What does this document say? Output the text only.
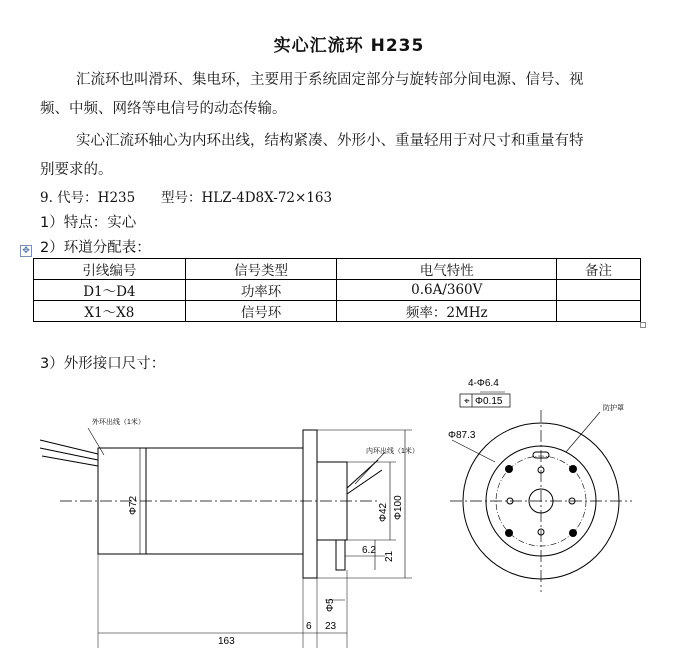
实心汇流环 H235
汇流环也叫滑环、集电环，主要用于系统固定部分与旋转部分间电源、信号、视

频、中频、网络等电信号的动态传输。
实心汇流环轴心为内环出线，结构紧凑、外形小、重量轻用于对尺寸和重量有特
别要求的。
9. 代号：H235      型号：HLZ-4D8X-72×163
1）特点：实心
2）环道分配表：
✥
引线编号	信号类型	电气特性	备注
D1～D4	功率环	0.6A/360V	
X1～X8	信号环	频率：2MHz	
3）外形接口尺寸：
外环出线（1米）
内环出线（1米）
防护罩
Φ72	Φ42 Φ100
6.2
21
Φ5
163
6 23
4-Φ6.4
⌖ Φ0.15
Φ87.3
